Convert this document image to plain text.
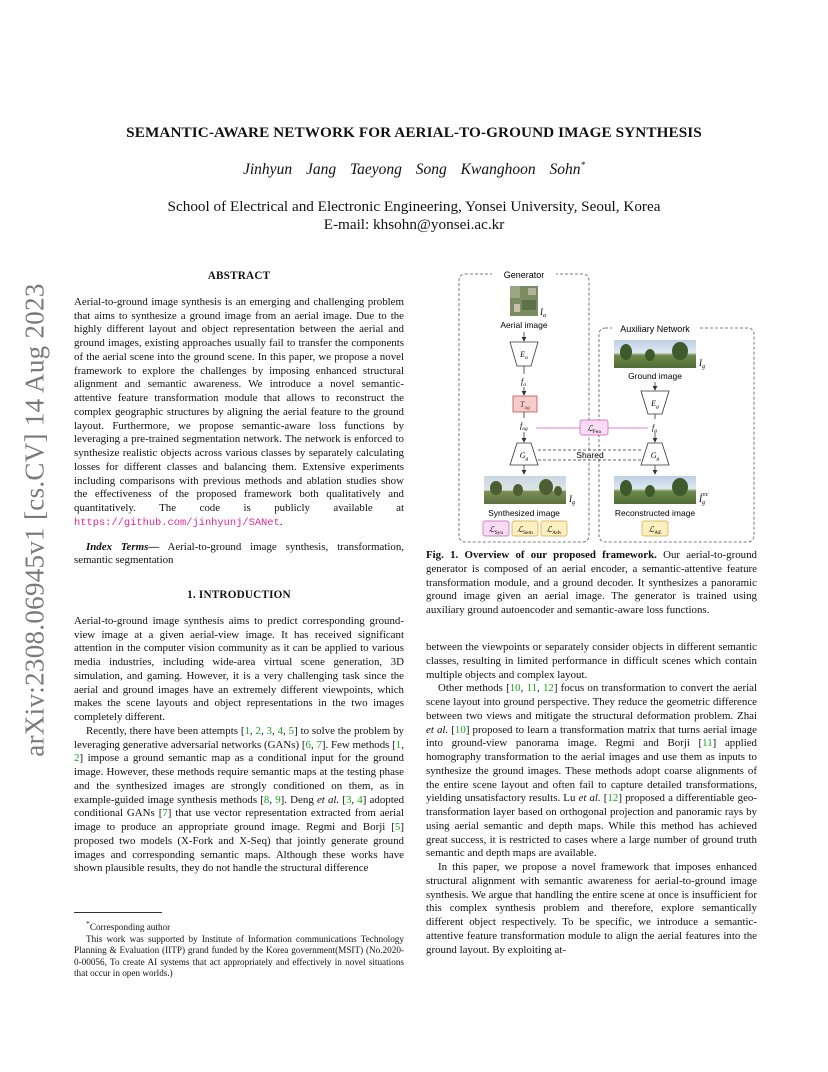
arXiv:2308.06945v1 [cs.CV] 14 Aug 2023
SEMANTIC-AWARE NETWORK FOR AERIAL-TO-GROUND IMAGE SYNTHESIS
Jinhyun Jang Taeyong Song Kwanghoon Sohn*
School of Electrical and Electronic Engineering, Yonsei University, Seoul, Korea
E-mail: khsohn@yonsei.ac.kr
ABSTRACT

Aerial-to-ground image synthesis is an emerging and challenging problem that aims to synthesize a ground image from an aerial image. Due to the highly different layout and object representation between the aerial and ground images, existing approaches usually fail to transfer the components of the aerial scene into the ground scene. In this paper, we propose a novel framework to explore the challenges by imposing enhanced structural alignment and semantic awareness. We introduce a novel semantic-attentive feature transformation module that allows to reconstruct the complex geographic structures by aligning the aerial feature to the ground layout. Furthermore, we propose semantic-aware loss functions by leveraging a pre-trained segmentation network. The network is enforced to synthesize realistic objects across various classes by separately calculating losses for different classes and balancing them. Extensive experiments including comparisons with previous methods and ablation studies show the effectiveness of the proposed framework both qualitatively and quantitatively. The code is publicly available at https://github.com/jinhyunj/SANet.

Index Terms— Aerial-to-ground image synthesis, transformation, semantic segmentation

1. INTRODUCTION

Aerial-to-ground image synthesis aims to predict corresponding ground-view image at a given aerial-view image. It has received significant attention in the computer vision community as it can be applied to various media industries, including wide-area virtual scene generation, 3D simulation, and gaming. However, it is a very challenging task since the aerial and ground images have an extremely different viewpoints, which makes the scene layouts and object representations in the two images completely different.

Recently, there have been attempts [1, 2, 3, 4, 5] to solve the problem by leveraging generative adversarial networks (GANs) [6, 7]. Few methods [1, 2] impose a ground semantic map as a conditional input for the ground image. However, these methods require semantic maps at the testing phase and the synthesized images are strongly conditioned on them, as in example-guided image synthesis methods [8, 9]. Deng et al. [3, 4] adopted conditional GANs [7] that use vector representation extracted from aerial image to produce an appropriate ground image. Regmi and Borji [5] proposed two models (X-Fork and X-Seq) that jointly generate ground images and corresponding semantic maps. Although these works have shown plausible results, they do not handle the structural difference

*Corresponding author
This work was supported by Institute of Information communications Technology Planning & Evaluation (IITP) grand funded by the Korea government(MSIT) (No.2020-0-00056, To create AI systems that act appropriately and effectively in novel situations that occur in open worlds.)
Generator
Auxiliary Network
$I_a$
Aerial image
$E_a$
$f_a$
$T_{ag}$
$f_{ag}$
$G_g$
$I_g$
Synthesized image
ℒ$_{Syn}$ ℒ$_{Sem}$ ℒ$_{Adv}$
$I_g$
Ground image
$E_g$
$f_g$
ℒ$_{Fea}$
$G_g$
Shared
$I_grec$
Reconstructed image
ℒ$_{AE}$
Fig. 1. Overview of our proposed framework. Our aerial-to-ground generator is composed of an aerial encoder, a semantic-attentive feature transformation module, and a ground decoder. It synthesizes a panoramic ground image given an aerial image. The generator is trained using auxiliary ground autoencoder and semantic-aware loss functions.

between the viewpoints or separately consider objects in different semantic classes, resulting in limited performance in difficult scenes which contain multiple objects and complex layout.

Other methods [10, 11, 12] focus on transformation to convert the aerial scene layout into ground perspective. They reduce the geometric difference between two views and mitigate the structural deformation problem. Zhai et al. [10] proposed to learn a transformation matrix that turns aerial image into ground-view panorama image. Regmi and Borji [11] applied homography transformation to the aerial images and use them as inputs to synthesize the ground images. These methods adopt coarse alignments of the entire scene layout and often fail to capture detailed transformations, yielding unsatisfactory results. Lu et al. [12] proposed a differentiable geo-transformation layer based on orthogonal projection and panoramic rays by using aerial semantic and depth maps. While this method has achieved great success, it is restricted to cases where a large number of ground truth semantic and depth maps are available.

In this paper, we propose a novel framework that imposes enhanced structural alignment with semantic awareness for aerial-to-ground image synthesis. We argue that handling the entire scene at once is insufficient for this complex synthesis problem and therefore, explore semantically different object respectively. To be specific, we introduce a semantic-attentive feature transformation module to align the aerial features into the ground layout. By exploiting at-
